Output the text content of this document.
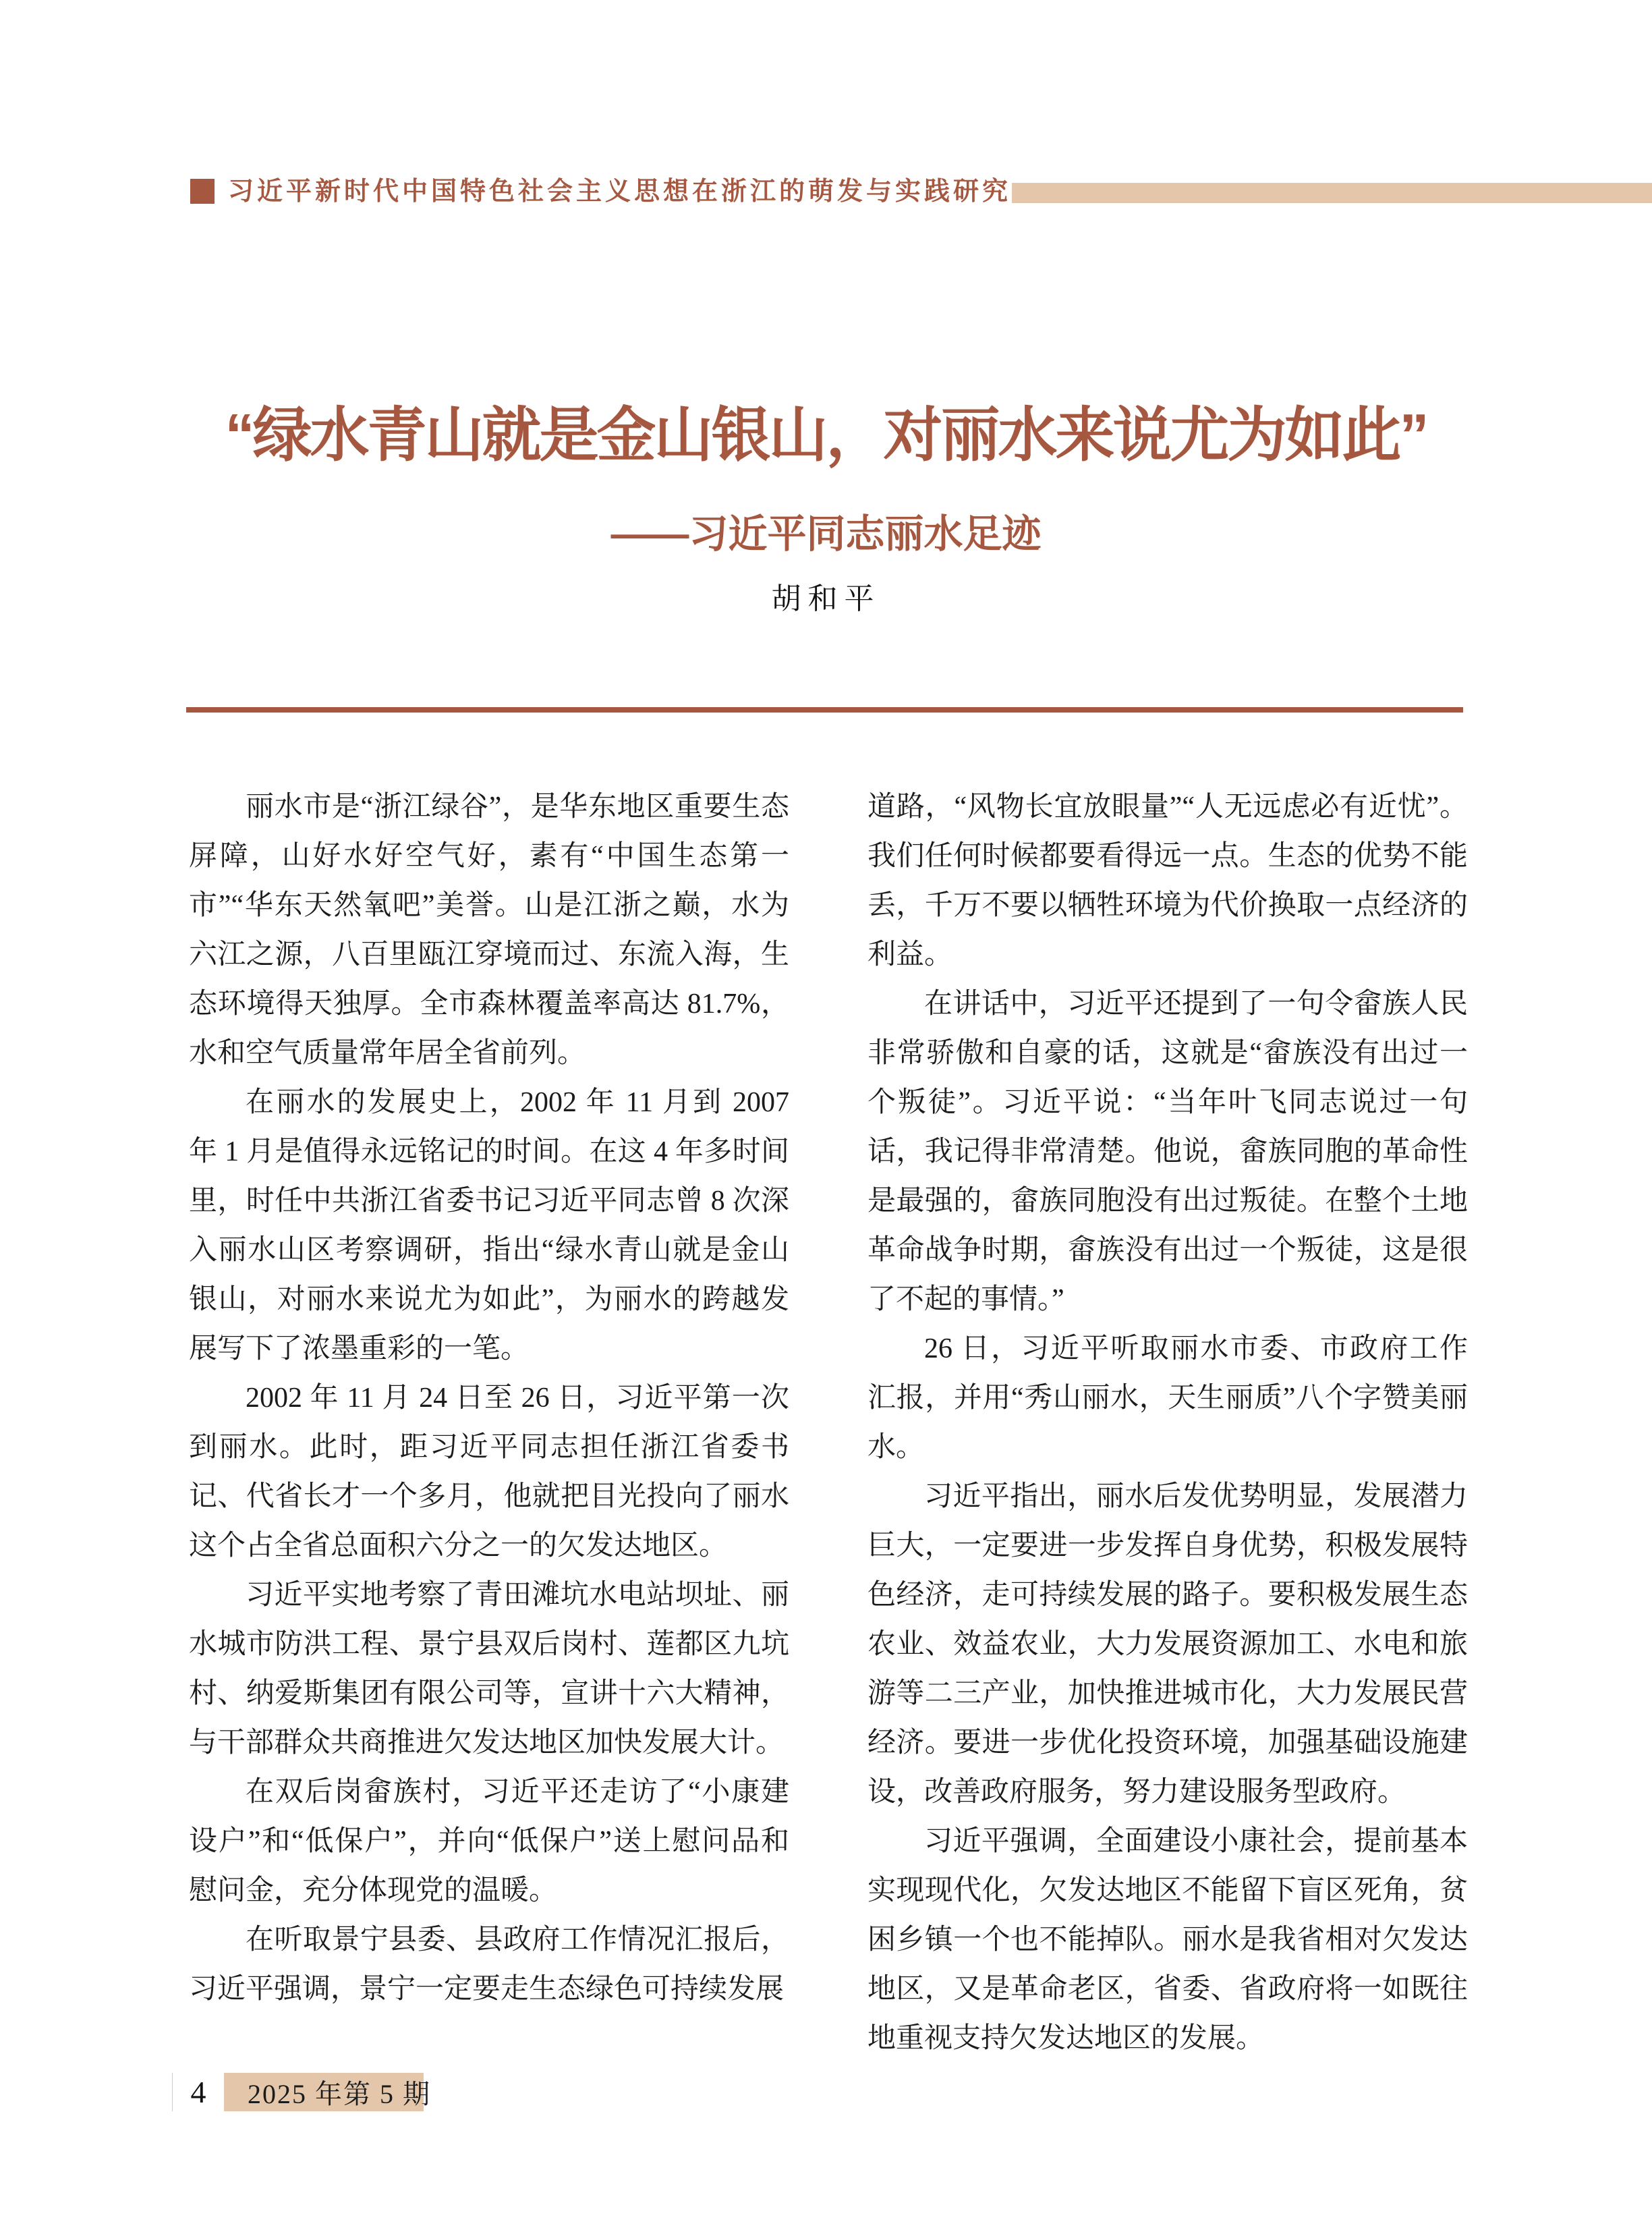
习近平新时代中国特色社会主义思想在浙江的萌发与实践研究
“绿水青山就是金山银山，对丽水来说尤为如此”
——习近平同志丽水足迹
胡和平

丽水市是“浙江绿谷”，是华东地区重要生态屏障，山好水好空气好，素有“中国生态第一市”“华东天然氧吧”美誉。山是江浙之巅，水为六江之源，八百里瓯江穿境而过、东流入海，生态环境得天独厚。全市森林覆盖率高达 81.7%，水和空气质量常年居全省前列。

在丽水的发展史上，2002 年 11 月到 2007 年 1 月是值得永远铭记的时间。在这 4 年多时间里，时任中共浙江省委书记习近平同志曾 8 次深入丽水山区考察调研，指出“绿水青山就是金山银山，对丽水来说尤为如此”，为丽水的跨越发展写下了浓墨重彩的一笔。

2002 年 11 月 24 日至 26 日，习近平第一次到丽水。此时，距习近平同志担任浙江省委书记、代省长才一个多月，他就把目光投向了丽水这个占全省总面积六分之一的欠发达地区。

习近平实地考察了青田滩坑水电站坝址、丽水城市防洪工程、景宁县双后岗村、莲都区九坑村、纳爱斯集团有限公司等，宣讲十六大精神，与干部群众共商推进欠发达地区加快发展大计。

在双后岗畲族村，习近平还走访了“小康建设户”和“低保户”，并向“低保户”送上慰问品和慰问金，充分体现党的温暖。

在听取景宁县委、县政府工作情况汇报后，习近平强调，景宁一定要走生态绿色可持续发展

道路，“风物长宜放眼量”“人无远虑必有近忧”。我们任何时候都要看得远一点。生态的优势不能丢，千万不要以牺牲环境为代价换取一点经济的利益。

在讲话中，习近平还提到了一句令畲族人民非常骄傲和自豪的话，这就是“畲族没有出过一个叛徒”。习近平说：“当年叶飞同志说过一句话，我记得非常清楚。他说，畲族同胞的革命性是最强的，畲族同胞没有出过叛徒。在整个土地革命战争时期，畲族没有出过一个叛徒，这是很了不起的事情。”

26 日，习近平听取丽水市委、市政府工作汇报，并用“秀山丽水，天生丽质”八个字赞美丽水。

习近平指出，丽水后发优势明显，发展潜力巨大，一定要进一步发挥自身优势，积极发展特色经济，走可持续发展的路子。要积极发展生态农业、效益农业，大力发展资源加工、水电和旅游等二三产业，加快推进城市化，大力发展民营经济。要进一步优化投资环境，加强基础设施建设，改善政府服务，努力建设服务型政府。

习近平强调，全面建设小康社会，提前基本实现现代化，欠发达地区不能留下盲区死角，贫困乡镇一个也不能掉队。丽水是我省相对欠发达地区，又是革命老区，省委、省政府将一如既往地重视支持欠发达地区的发展。

4 2025 年第 5 期
